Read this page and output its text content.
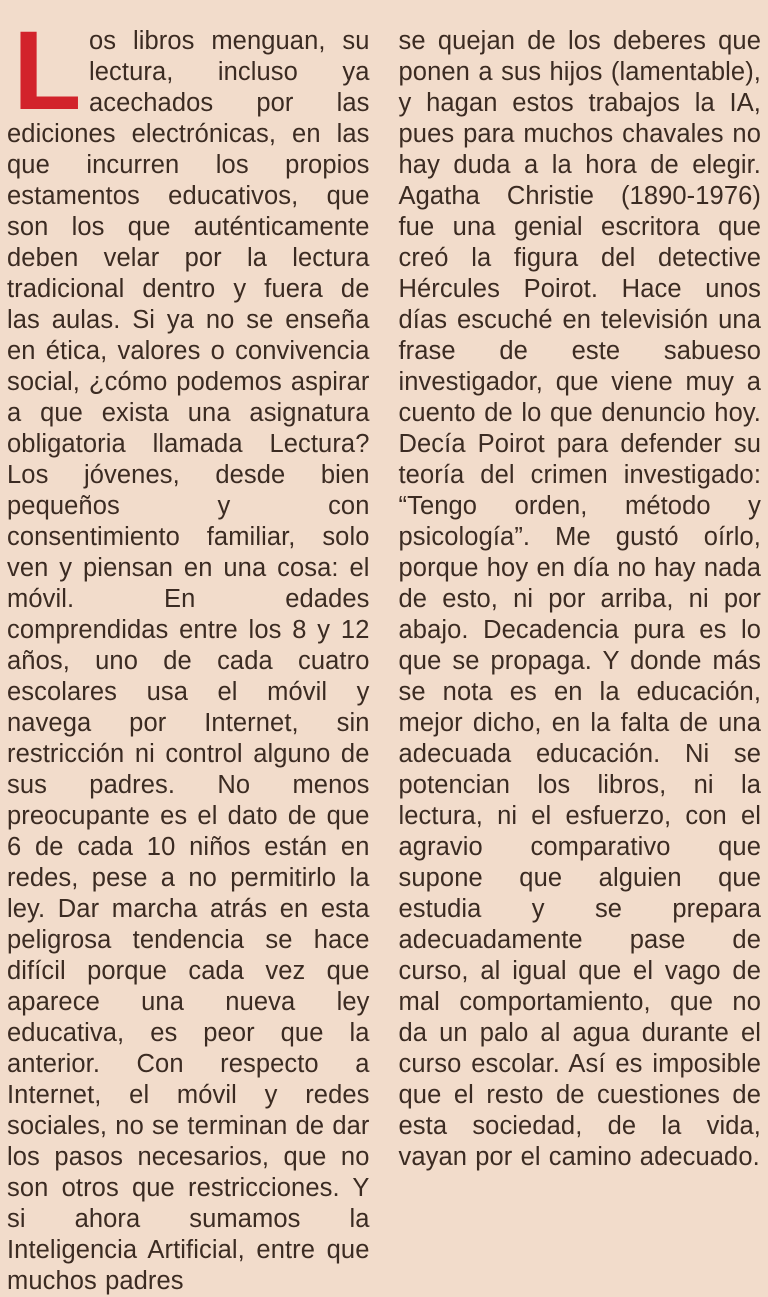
Los libros menguan, su lectura, incluso ya acechados por las ediciones electrónicas, en las que incurren los propios estamentos educativos, que son los que auténticamente deben velar por la lectura tradicional dentro y fuera de las aulas. Si ya no se enseña en ética, valores o convivencia social, ¿cómo podemos aspirar a que exista una asignatura obligatoria llamada Lectura? Los jóvenes, desde bien pequeños y con consentimiento familiar, solo ven y piensan en una cosa: el móvil. En edades comprendidas entre los 8 y 12 años, uno de cada cuatro escolares usa el móvil y navega por Internet, sin restricción ni control alguno de sus padres. No menos preocupante es el dato de que 6 de cada 10 niños están en redes, pese a no permitirlo la ley. Dar marcha atrás en esta peligrosa tendencia se hace difícil porque cada vez que aparece una nueva ley educativa, es peor que la anterior. Con respecto a Internet, el móvil y redes sociales, no se terminan de dar los pasos necesarios, que no son otros que restricciones. Y si ahora sumamos la Inteligencia Artificial, entre que muchos padres
se quejan de los deberes que ponen a sus hijos (lamentable), y hagan estos trabajos la IA, pues para muchos chavales no hay duda a la hora de elegir. Agatha Christie (1890-1976) fue una genial escritora que creó la figura del detective Hércules Poirot. Hace unos días escuché en televisión una frase de este sabueso investigador, que viene muy a cuento de lo que denuncio hoy. Decía Poirot para defender su teoría del crimen investigado: “Tengo orden, método y psicología”. Me gustó oírlo, porque hoy en día no hay nada de esto, ni por arriba, ni por abajo. Decadencia pura es lo que se propaga. Y donde más se nota es en la educación, mejor dicho, en la falta de una adecuada educación. Ni se potencian los libros, ni la lectura, ni el esfuerzo, con el agravio comparativo que supone que alguien que estudia y se prepara adecuadamente pase de curso, al igual que el vago de mal comportamiento, que no da un palo al agua durante el curso escolar. Así es imposible que el resto de cuestiones de esta sociedad, de la vida, vayan por el camino adecuado.
